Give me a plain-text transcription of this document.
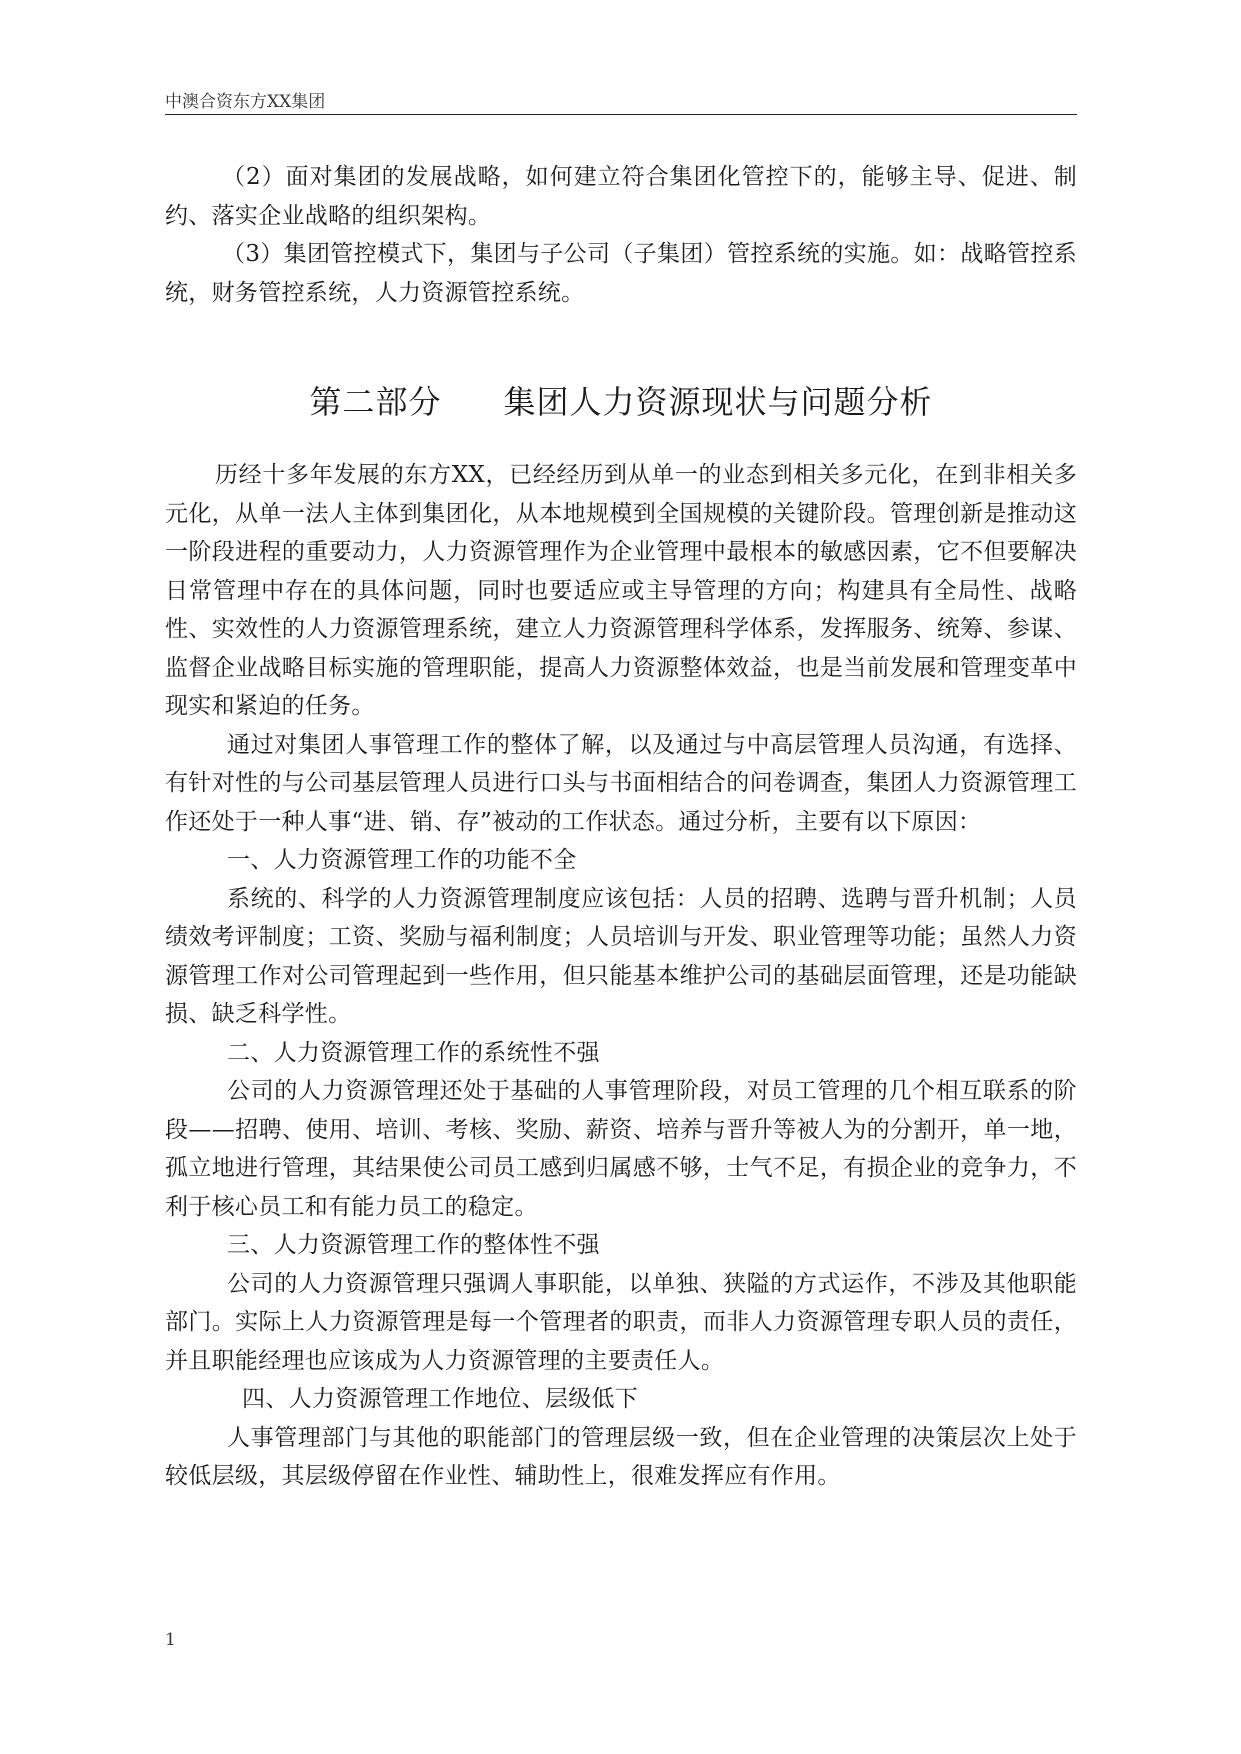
中澳合资东方XX集团

（2）面对集团的发展战略，如何建立符合集团化管控下的，能够主导、促进、制约、落实企业战略的组织架构。

（3）集团管控模式下，集团与子公司（子集团）管控系统的实施。如：战略管控系统，财务管控系统，人力资源管控系统。

第二部分 集团人力资源现状与问题分析

历经十多年发展的东方XX，已经经历到从单一的业态到相关多元化，在到非相关多元化，从单一法人主体到集团化，从本地规模到全国规模的关键阶段。管理创新是推动这一阶段进程的重要动力，人力资源管理作为企业管理中最根本的敏感因素，它不但要解决日常管理中存在的具体问题，同时也要适应或主导管理的方向；构建具有全局性、战略性、实效性的人力资源管理系统，建立人力资源管理科学体系，发挥服务、统筹、参谋、监督企业战略目标实施的管理职能，提高人力资源整体效益，也是当前发展和管理变革中现实和紧迫的任务。

通过对集团人事管理工作的整体了解，以及通过与中高层管理人员沟通，有选择、有针对性的与公司基层管理人员进行口头与书面相结合的问卷调查，集团人力资源管理工作还处于一种人事“进、销、存”被动的工作状态。通过分析，主要有以下原因：

一、人力资源管理工作的功能不全

系统的、科学的人力资源管理制度应该包括：人员的招聘、选聘与晋升机制；人员绩效考评制度；工资、奖励与福利制度；人员培训与开发、职业管理等功能；虽然人力资源管理工作对公司管理起到一些作用，但只能基本维护公司的基础层面管理，还是功能缺损、缺乏科学性。

二、人力资源管理工作的系统性不强

公司的人力资源管理还处于基础的人事管理阶段，对员工管理的几个相互联系的阶段——招聘、使用、培训、考核、奖励、薪资、培养与晋升等被人为的分割开，单一地，孤立地进行管理，其结果使公司员工感到归属感不够，士气不足，有损企业的竞争力，不利于核心员工和有能力员工的稳定。

三、人力资源管理工作的整体性不强

公司的人力资源管理只强调人事职能，以单独、狭隘的方式运作，不涉及其他职能部门。实际上人力资源管理是每一个管理者的职责，而非人力资源管理专职人员的责任，并且职能经理也应该成为人力资源管理的主要责任人。

四、人力资源管理工作地位、层级低下

人事管理部门与其他的职能部门的管理层级一致，但在企业管理的决策层次上处于较低层级，其层级停留在作业性、辅助性上，很难发挥应有作用。

1
